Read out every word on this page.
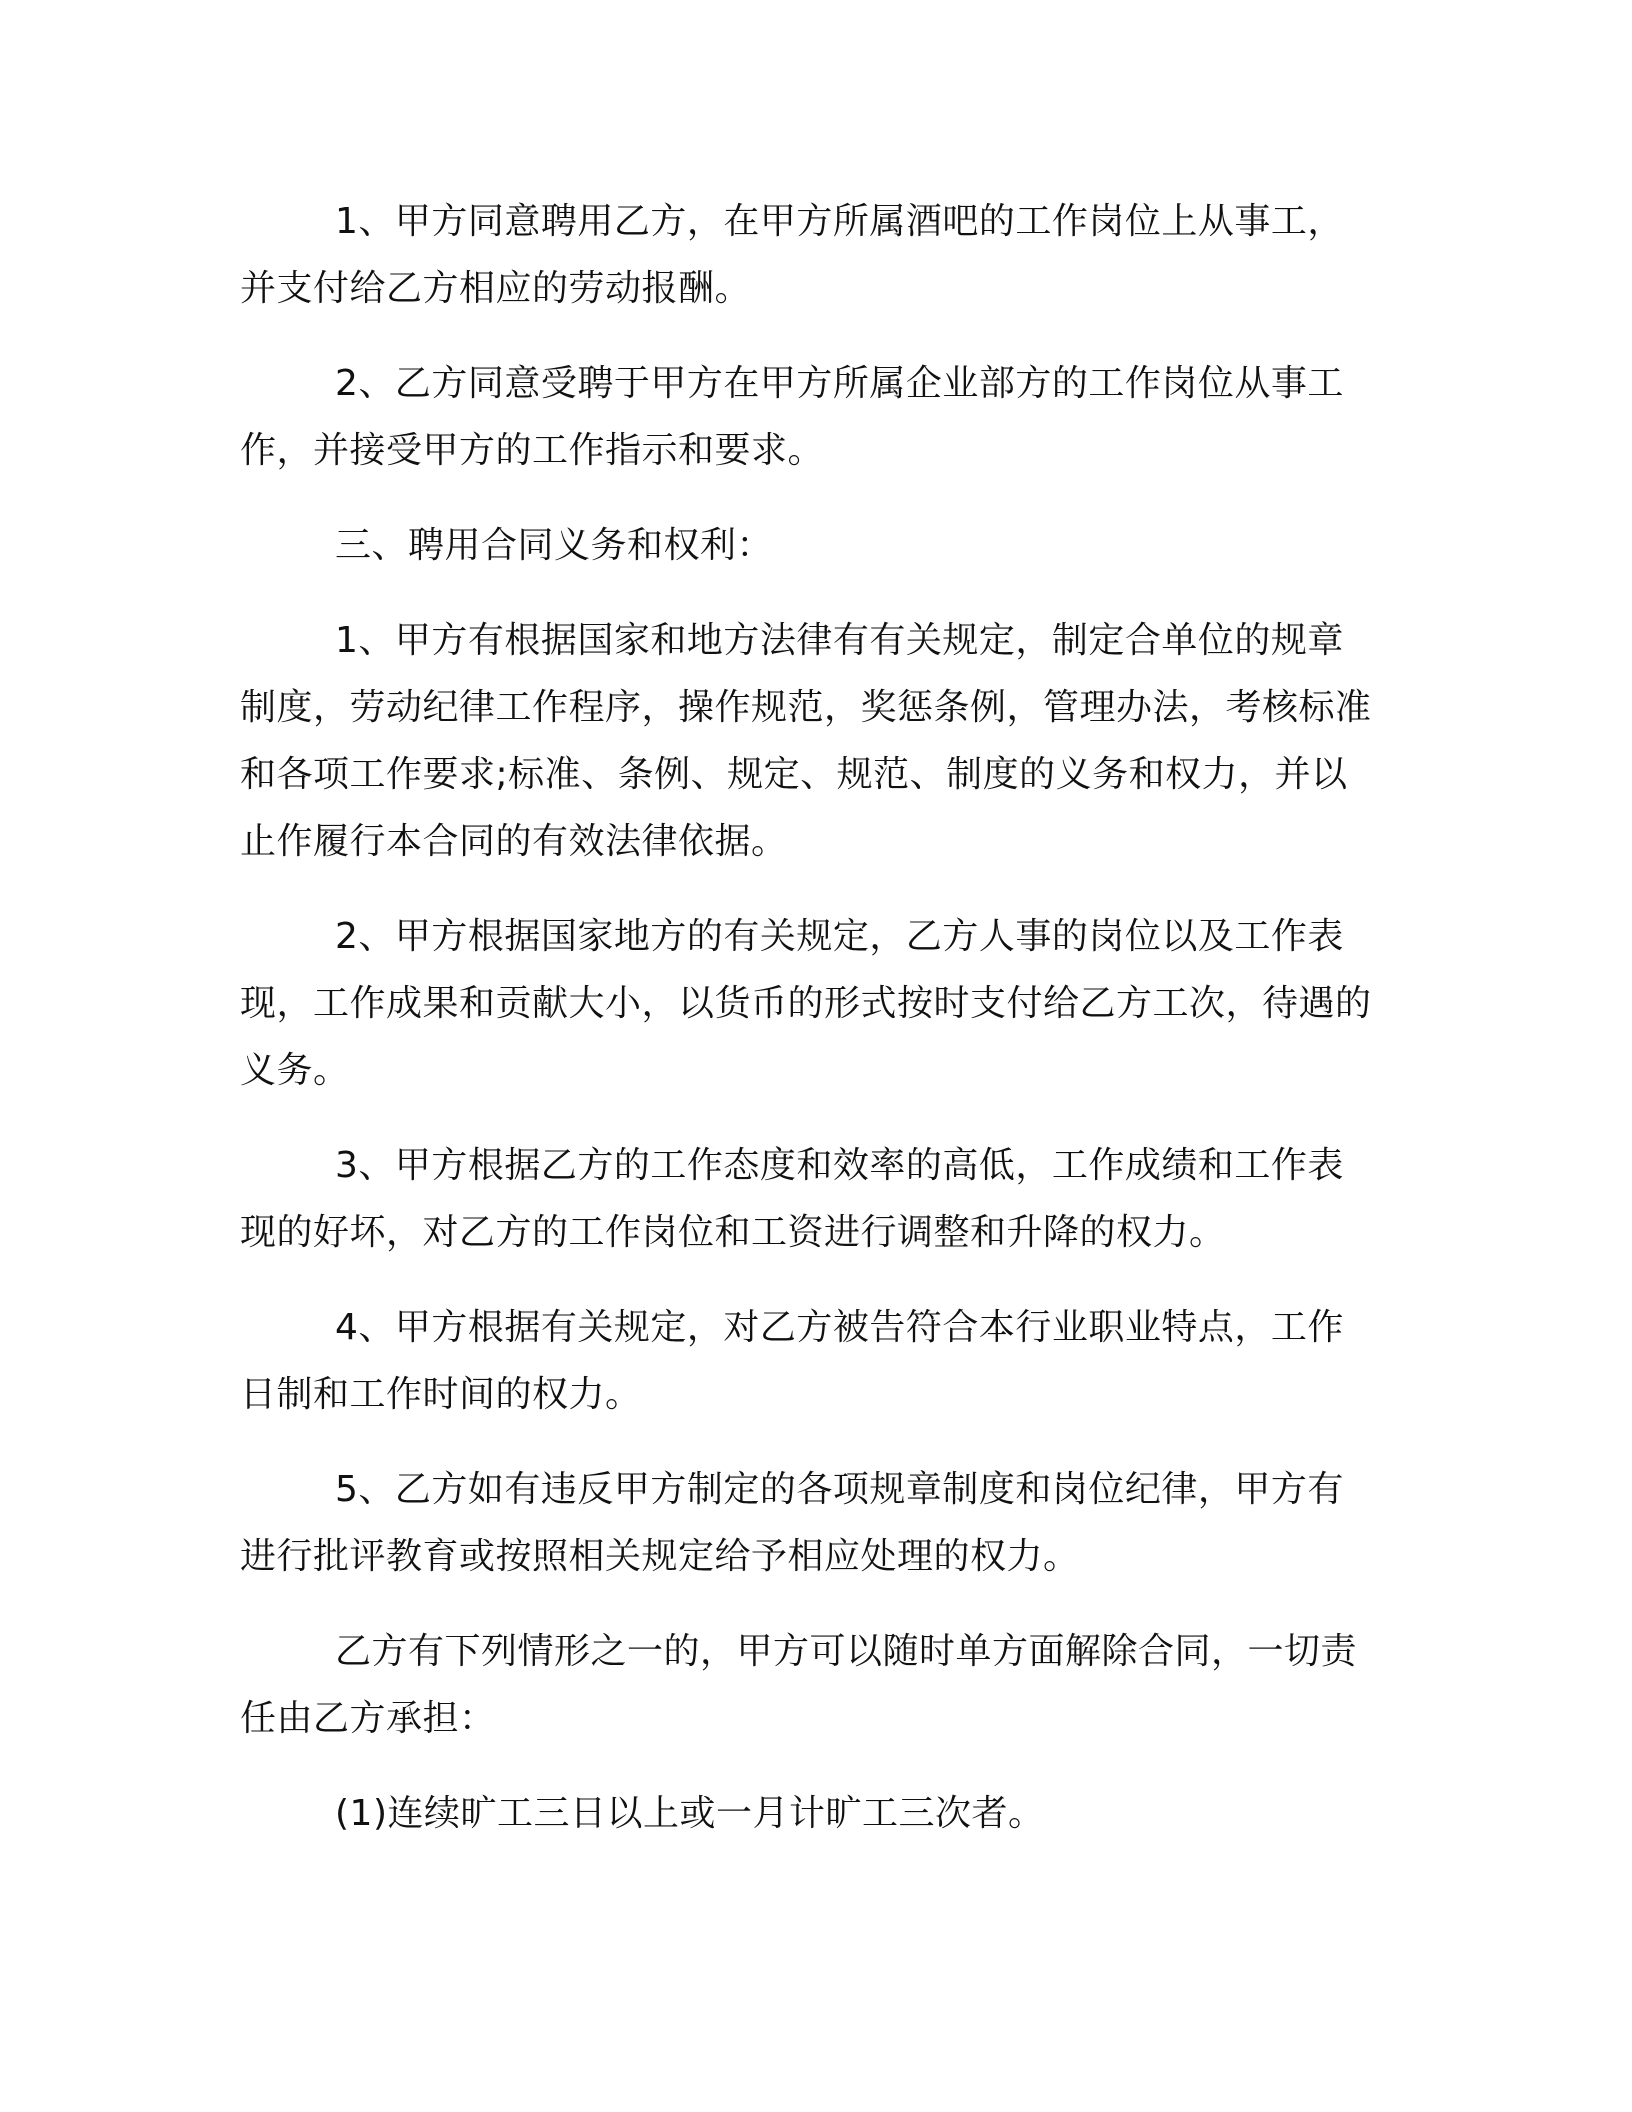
1、甲方同意聘用乙方，在甲方所属酒吧的工作岗位上从事工，并支付给乙方相应的劳动报酬。

2、乙方同意受聘于甲方在甲方所属企业部方的工作岗位从事工作，并接受甲方的工作指示和要求。

三、聘用合同义务和权利：

1、甲方有根据国家和地方法律有有关规定，制定合单位的规章制度，劳动纪律工作程序，操作规范，奖惩条例，管理办法，考核标准和各项工作要求;标准、条例、规定、规范、制度的义务和权力，并以止作履行本合同的有效法律依据。

2、甲方根据国家地方的有关规定，乙方人事的岗位以及工作表现，工作成果和贡献大小，以货币的形式按时支付给乙方工次，待遇的义务。

3、甲方根据乙方的工作态度和效率的高低，工作成绩和工作表现的好坏，对乙方的工作岗位和工资进行调整和升降的权力。

4、甲方根据有关规定，对乙方被告符合本行业职业特点，工作日制和工作时间的权力。

5、乙方如有违反甲方制定的各项规章制度和岗位纪律，甲方有进行批评教育或按照相关规定给予相应处理的权力。

乙方有下列情形之一的，甲方可以随时单方面解除合同，一切责任由乙方承担：

(1)连续旷工三日以上或一月计旷工三次者。
